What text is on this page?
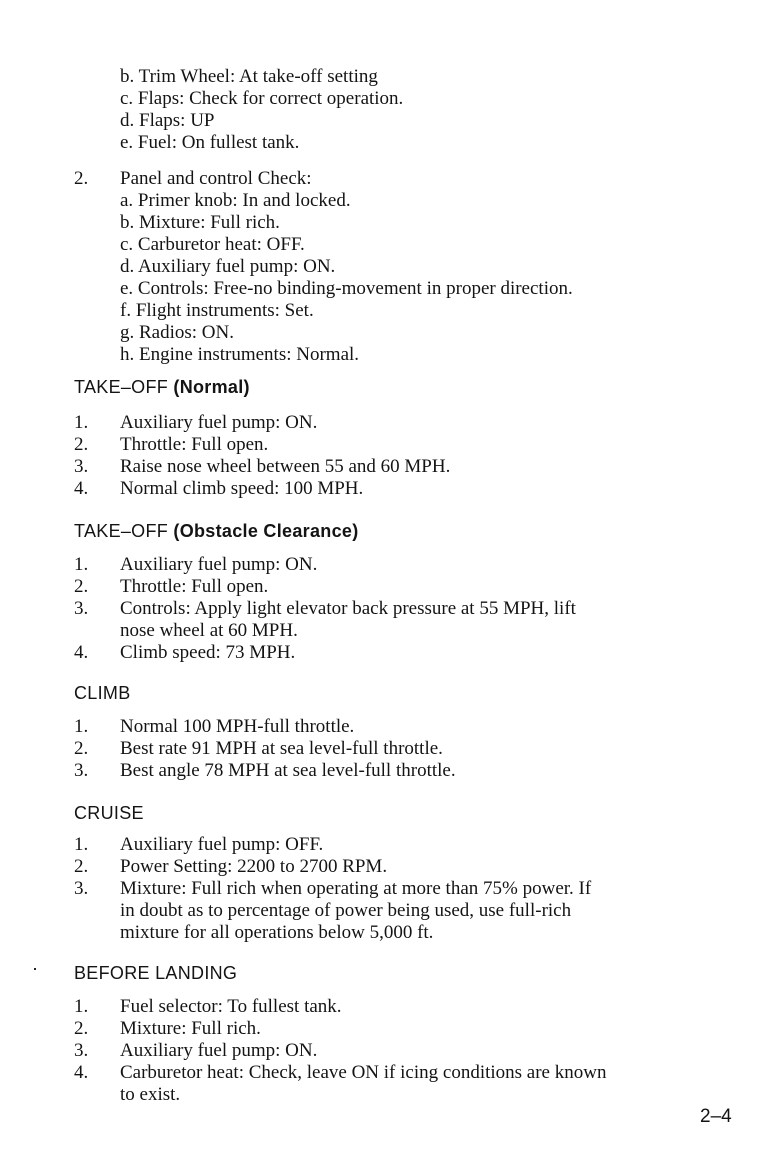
b. Trim Wheel: At take-off setting
c. Flaps: Check for correct operation.
d. Flaps: UP
e. Fuel: On fullest tank.
2. Panel and control Check:
a. Primer knob: In and locked.
b. Mixture: Full rich.
c. Carburetor heat: OFF.
d. Auxiliary fuel pump: ON.
e. Controls: Free-no binding-movement in proper direction.
f. Flight instruments: Set.
g. Radios: ON.
h. Engine instruments: Normal.
TAKE–OFF (Normal)
1. Auxiliary fuel pump: ON.
2. Throttle: Full open.
3. Raise nose wheel between 55 and 60 MPH.
4. Normal climb speed: 100 MPH.
TAKE–OFF (Obstacle Clearance)
1. Auxiliary fuel pump: ON.
2. Throttle: Full open.
3. Controls: Apply light elevator back pressure at 55 MPH, lift
nose wheel at 60 MPH.
4. Climb speed: 73 MPH.
CLIMB
1. Normal 100 MPH-full throttle.
2. Best rate 91 MPH at sea level-full throttle.
3. Best angle 78 MPH at sea level-full throttle.
CRUISE
1. Auxiliary fuel pump: OFF.
2. Power Setting: 2200 to 2700 RPM.
3. Mixture: Full rich when operating at more than 75% power. If
in doubt as to percentage of power being used, use full-rich
mixture for all operations below 5,000 ft.
BEFORE LANDING
1. Fuel selector: To fullest tank.
2. Mixture: Full rich.
3. Auxiliary fuel pump: ON.
4. Carburetor heat: Check, leave ON if icing conditions are known
to exist.
2–4
